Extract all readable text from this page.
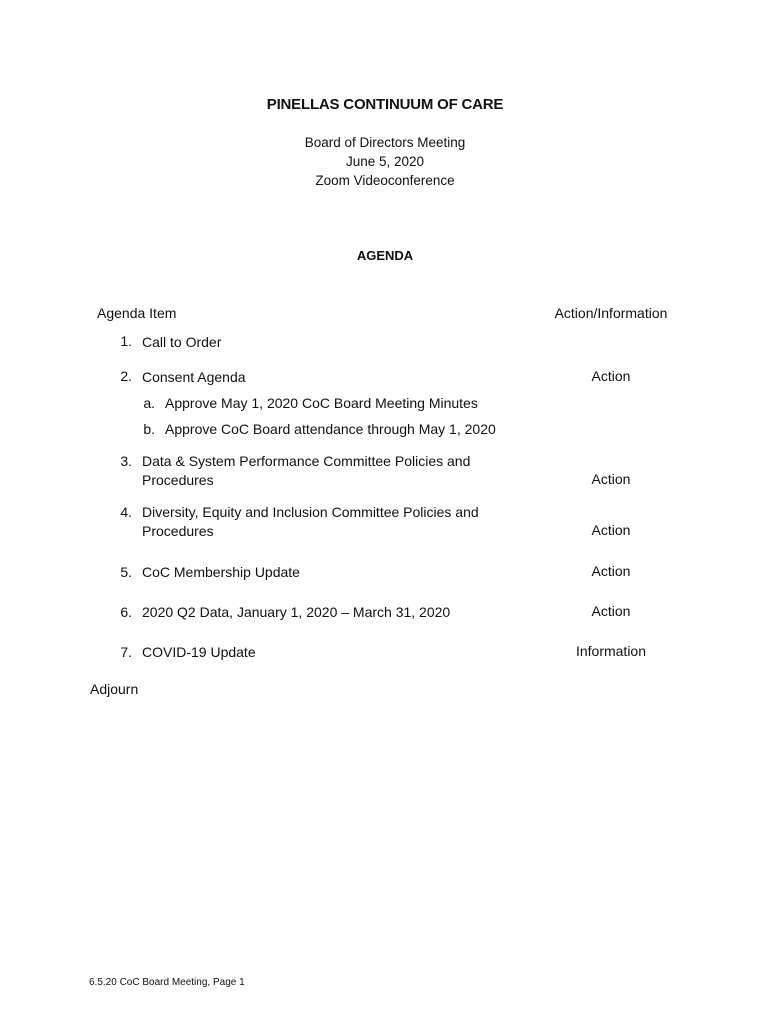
PINELLAS CONTINUUM OF CARE
Board of Directors Meeting
June 5, 2020
Zoom Videoconference
AGENDA
Agenda Item	Action/Information
1. Call to Order
2. Consent Agenda	Action
a. Approve May 1, 2020 CoC Board Meeting Minutes
b. Approve CoC Board attendance through May 1, 2020
3. Data & System Performance Committee Policies and
Procedures	Action
4. Diversity, Equity and Inclusion Committee Policies and
Procedures	Action
5. CoC Membership Update	Action
6. 2020 Q2 Data, January 1, 2020 – March 31, 2020	Action
7. COVID-19 Update	Information
Adjourn
6.5.20 CoC Board Meeting, Page 1
